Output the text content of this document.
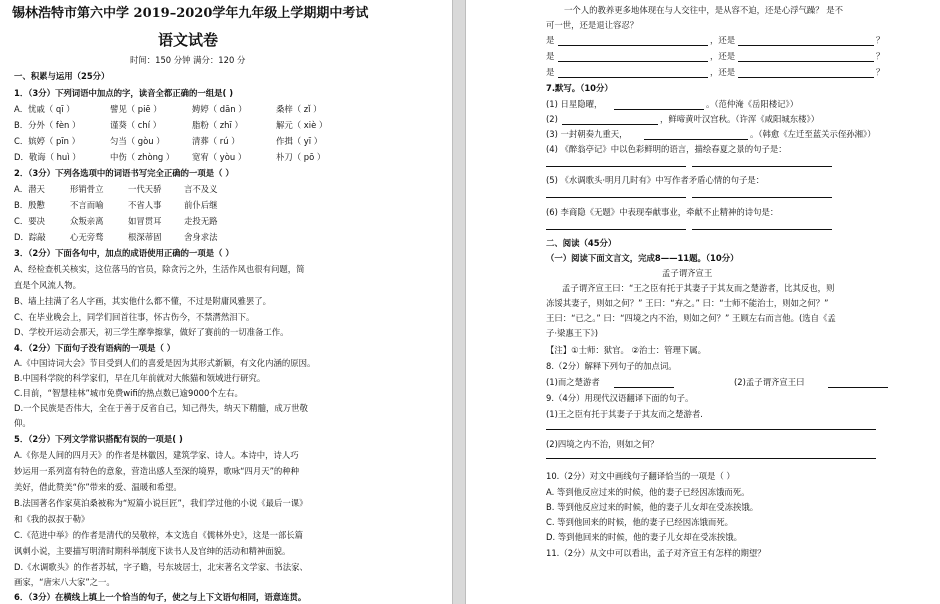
锡林浩特市第六中学 2019–2020学年九年级上学期期中考试
语文试卷
时间：150 分钟 满分：120 分
一、积累与运用（25分）
1．（3分）下列词语中加点的字，读音全都正确的一组是( )
A．忧戚（ qī ）	譬见（ piē ）	娉婷（ dān ）	桑梓（ zǐ ）
B．分外（ fèn ）	谨葵（ chí ）	脂粉（ zhī ）	解元（ xiè ）
C．嫔婷（ pīn ）	匀当（ gòu ）	清葬（ rú ）	作揖（ yī ）
D．敬诲（ huì ）	中伤（ zhòng ） 宽宥（ yòu ）	朴刀（ pō ）
2．（3分）下列各选项中的词语书写完全正确的一项是（ ）
A．潜天	形销骨立	一代天骄	言不及义
B．殷懃	不言而喻	不省人事	前仆后继
C．要决	众叛亲离	如冒贯耳	走投无路
D．踪敲	心无旁骛	根深蒂固	舍身求法
3．（2分）下面各句中，加点的成语使用正确的一项是（ ）
A、经检查机关核实，这位落马的官员，除贪污之外，生活作风也很有问题，简
直是个风流人物。
B、墙上挂满了名人字画，其实他什么都不懂，不过是附庸风雅罢了。
C、在毕业晚会上，同学们回首往事，怀古伤今，不禁潸然泪下。
D、学校开运动会那天，初三学生摩拳擦掌，做好了赛前的一切准备工作。
4．（2分）下面句子没有语病的一项是（ ）
A.《中国诗词大会》节目受到人们的喜爱是因为其形式新颖，有文化内涵的原因。
B.中国科学院的科学家们，早在几年前就对大熊猫和领域进行研究。
C.目前，“智慧桂林”城市免费wifi的热点数已逾9000个左右。
D.一个民族是否伟大，全在于善于反省自己，知己得失，纳天下精髓，成万世敬
仰。
5．（2分）下列文学常识搭配有误的一项是( )
A.《你是人间的四月天》的作者是林徽因，建筑学家、诗人。本诗中，诗人巧
妙运用一系列富有特色的意象，营造出感人至深的境界，歌咏“四月天”的种种
美好，借此赞美“你”带来的爱、温暖和希望。
B.法国著名作家莫泊桑被称为“短篇小说巨匠”，我们学过他的小说《最后一课》
和《我的叔叔于勒》
C.《范进中举》的作者是清代的吴敬梓，本文选自《儒林外史》，这是一部长篇
讽刺小说，主要描写明清时期科举制度下读书人及官绅的活动和精神面貌。
D.《水调歌头》的作者苏轼，字子瞻，号东坡居士，北宋著名文学家、书法家、
画家，“唐宋八大家”之一。
6．（3分）在横线上填上一个恰当的句子，使之与上下文语句相同，语意连贯。
一个人的教养更多地体现在与人交往中，是从容不迫，还是心浮气躁？ 是不
可一世，还是退让容忍？
是	，还是	？
是	，还是	？
是	，还是	？
7.默写。（10分）
(1) 日星隐曜，	。（范仲淹《岳阳楼记》）
(2)	，鲜啼黄叶汉宫秋。（许浑《咸阳城东楼》）
(3) 一封朝奏九重天，	。（韩愈《左迁至蓝关示侄孙湘》）
(4) 《醉翁亭记》中以色彩鲜明的语言，描绘春夏之景的句子是：
(5) 《水调歌头·明月几时有》中写作者矛盾心情的句子是：
(6) 李商隐《无题》中表现奉献事业，牵献不止精神的诗句是：
二、阅读（45分）
（一）阅读下面文言文，完成8——11题。（10分）
孟子谓齐宣王
孟子谓齐宣王曰：“王之臣有托于其妻子于其友而之楚游者，比其反也，则
冻馁其妻子，则如之何？” 王曰：“弃之。” 曰：“士师不能治士，则如之何？”
王曰：“已之。” 曰：“四境之内不治，则如之何？” 王顾左右而言他。(选自《孟
子·梁惠王下》)
【注】①士师：狱官。 ②治士：管理下属。
8.（2分）解释下列句子的加点词。
(1)而之楚游者	(2)孟子谓齐宣王曰
9.（4分）用现代汉语翻译下面的句子。
(1)王之臣有托于其妻子于其友而之楚游者.
(2)四境之内不治，则如之何？
10.（2分）对文中画线句子翻译恰当的一项是（ ）
A. 等到他反应过来的时候，他的妻子已经因冻饿而死。
B. 等到他反应过来的时候，他的妻子儿女却在受冻挨饿。
C. 等到他回来的时候，他的妻子已经因冻饿而死。
D. 等到他回来的时候，他的妻子儿女却在受冻挨饿。
11.（2分）从文中可以看出，孟子对齐宣王有怎样的期望？
